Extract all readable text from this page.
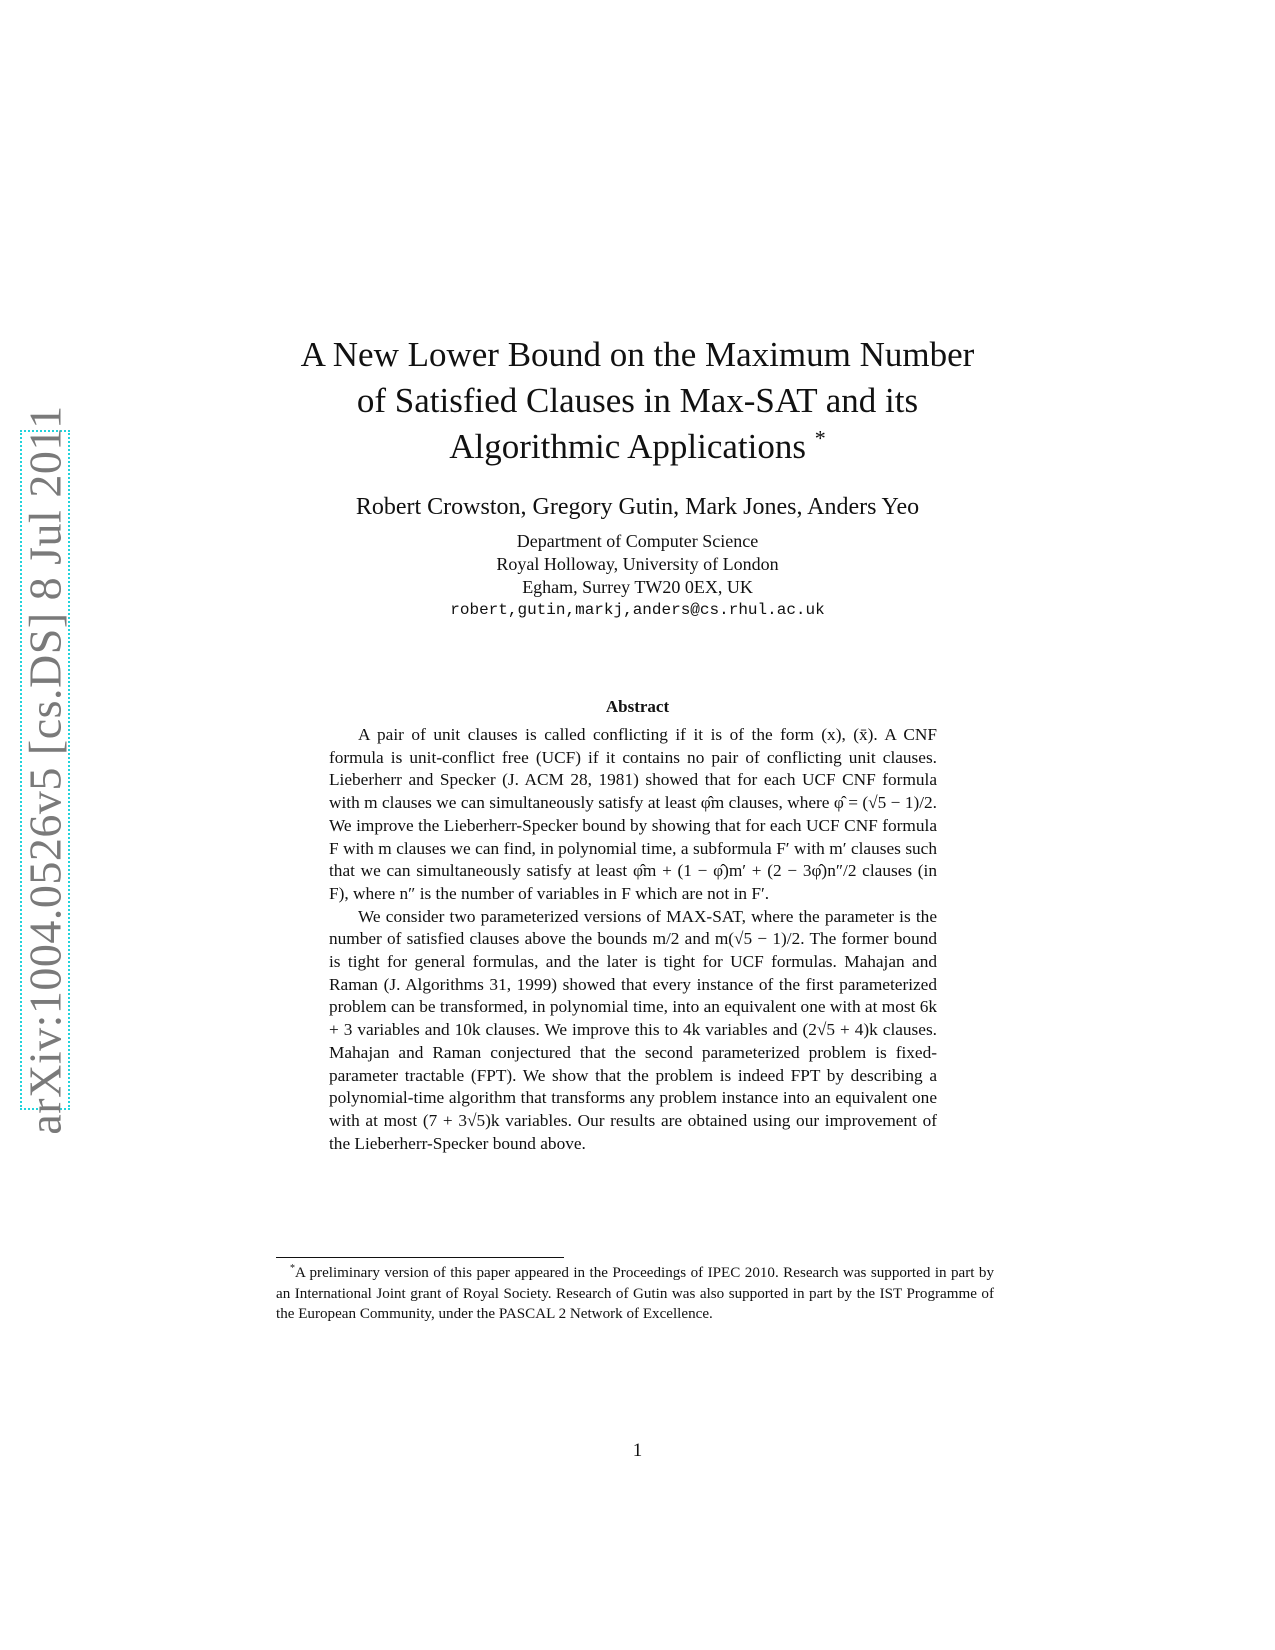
arXiv:1004.0526v5 [cs.DS] 8 Jul 2011
A New Lower Bound on the Maximum Number
of Satisfied Clauses in Max-SAT and its
Algorithmic Applications *
Robert Crowston, Gregory Gutin, Mark Jones, Anders Yeo
Department of Computer Science
Royal Holloway, University of London
Egham, Surrey TW20 0EX, UK
robert,gutin,markj,anders@cs.rhul.ac.uk
Abstract

A pair of unit clauses is called conflicting if it is of the form (x), (x̄). A CNF formula is unit-conflict free (UCF) if it contains no pair of conflicting unit clauses. Lieberherr and Specker (J. ACM 28, 1981) showed that for each UCF CNF formula with m clauses we can simultaneously satisfy at least φ̂m clauses, where φ̂ = (√5 − 1)/2. We improve the Lieberherr-Specker bound by showing that for each UCF CNF formula F with m clauses we can find, in polynomial time, a subformula F′ with m′ clauses such that we can simultaneously satisfy at least φ̂m + (1 − φ̂)m′ + (2 − 3φ̂)n″/2 clauses (in F), where n″ is the number of variables in F which are not in F′.

We consider two parameterized versions of MAX-SAT, where the parameter is the number of satisfied clauses above the bounds m/2 and m(√5 − 1)/2. The former bound is tight for general formulas, and the later is tight for UCF formulas. Mahajan and Raman (J. Algorithms 31, 1999) showed that every instance of the first parameterized problem can be transformed, in polynomial time, into an equivalent one with at most 6k + 3 variables and 10k clauses. We improve this to 4k variables and (2√5 + 4)k clauses. Mahajan and Raman conjectured that the second parameterized problem is fixed-parameter tractable (FPT). We show that the problem is indeed FPT by describing a polynomial-time algorithm that transforms any problem instance into an equivalent one with at most (7 + 3√5)k variables. Our results are obtained using our improvement of the Lieberherr-Specker bound above.

*A preliminary version of this paper appeared in the Proceedings of IPEC 2010. Research was supported in part by an International Joint grant of Royal Society. Research of Gutin was also supported in part by the IST Programme of the European Community, under the PASCAL 2 Network of Excellence.

1
